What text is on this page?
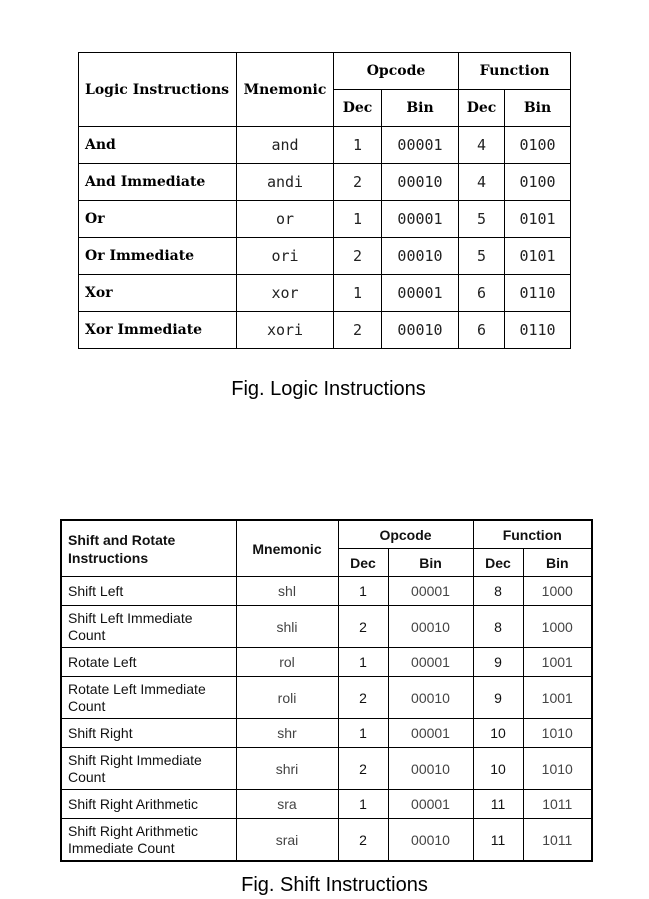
Logic Instructions	Mnemonic	Opcode		Function	
		Dec	Bin	Dec	Bin
And	and	1	00001	4	0100
And Immediate	andi	2	00010	4	0100
Or	or	1	00001	5	0101
Or Immediate	ori	2	00010	5	0101
Xor	xor	1	00001	6	0110
Xor Immediate	xori	2	00010	6	0110
Fig. Logic Instructions
Shift and Rotate
Instructions	Mnemonic	Opcode		Function	
		Dec	Bin	Dec	Bin
Shift Left	shl	1	00001	8	1000
Shift Left Immediate
Count	shli	2	00010	8	1000
Rotate Left	rol	1	00001	9	1001
Rotate Left Immediate
Count	roli	2	00010	9	1001
Shift Right	shr	1	00001	10	1010
Shift Right Immediate
Count	shri	2	00010	10	1010
Shift Right Arithmetic	sra	1	00001	11	1011
Shift Right Arithmetic
Immediate Count	srai	2	00010	11	1011
Fig. Shift Instructions
